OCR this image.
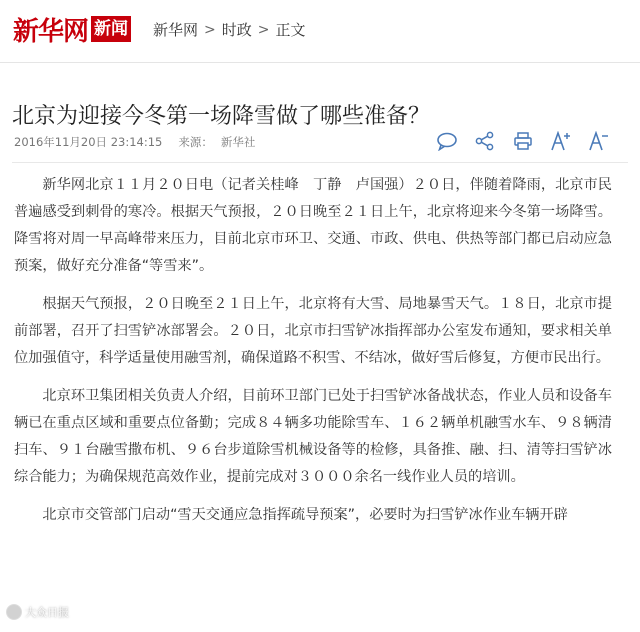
新华网 新闻 新华网 > 时政 > 正文
北京为迎接今冬第一场降雪做了哪些准备？
2016年11月20日 23:14:15 来源： 新华社

新华网北京１１月２０日电（记者关桂峰　丁静　卢国强）２０日，伴随着降雨，北京市民普遍感受到刺骨的寒冷。根据天气预报，２０日晚至２１日上午，北京将迎来今冬第一场降雪。降雪将对周一早高峰带来压力，目前北京市环卫、交通、市政、供电、供热等部门都已启动应急预案，做好充分准备“等雪来”。

根据天气预报，２０日晚至２１日上午，北京将有大雪、局地暴雪天气。１８日，北京市提前部署，召开了扫雪铲冰部署会。２０日，北京市扫雪铲冰指挥部办公室发布通知，要求相关单位加强值守，科学适量使用融雪剂，确保道路不积雪、不结冰，做好雪后修复，方便市民出行。

北京环卫集团相关负责人介绍，目前环卫部门已处于扫雪铲冰备战状态，作业人员和设备车辆已在重点区域和重要点位备勤；完成８４辆多功能除雪车、１６２辆单机融雪水车、９８辆清扫车、９１台融雪撒布机、９６台步道除雪机械设备等的检修，具备推、融、扫、清等扫雪铲冰综合能力；为确保规范高效作业，提前完成对３０００余名一线作业人员的培训。

北京市交管部门启动“雪天交通应急指挥疏导预案”，必要时为扫雪铲冰作业车辆开辟

大众日报
